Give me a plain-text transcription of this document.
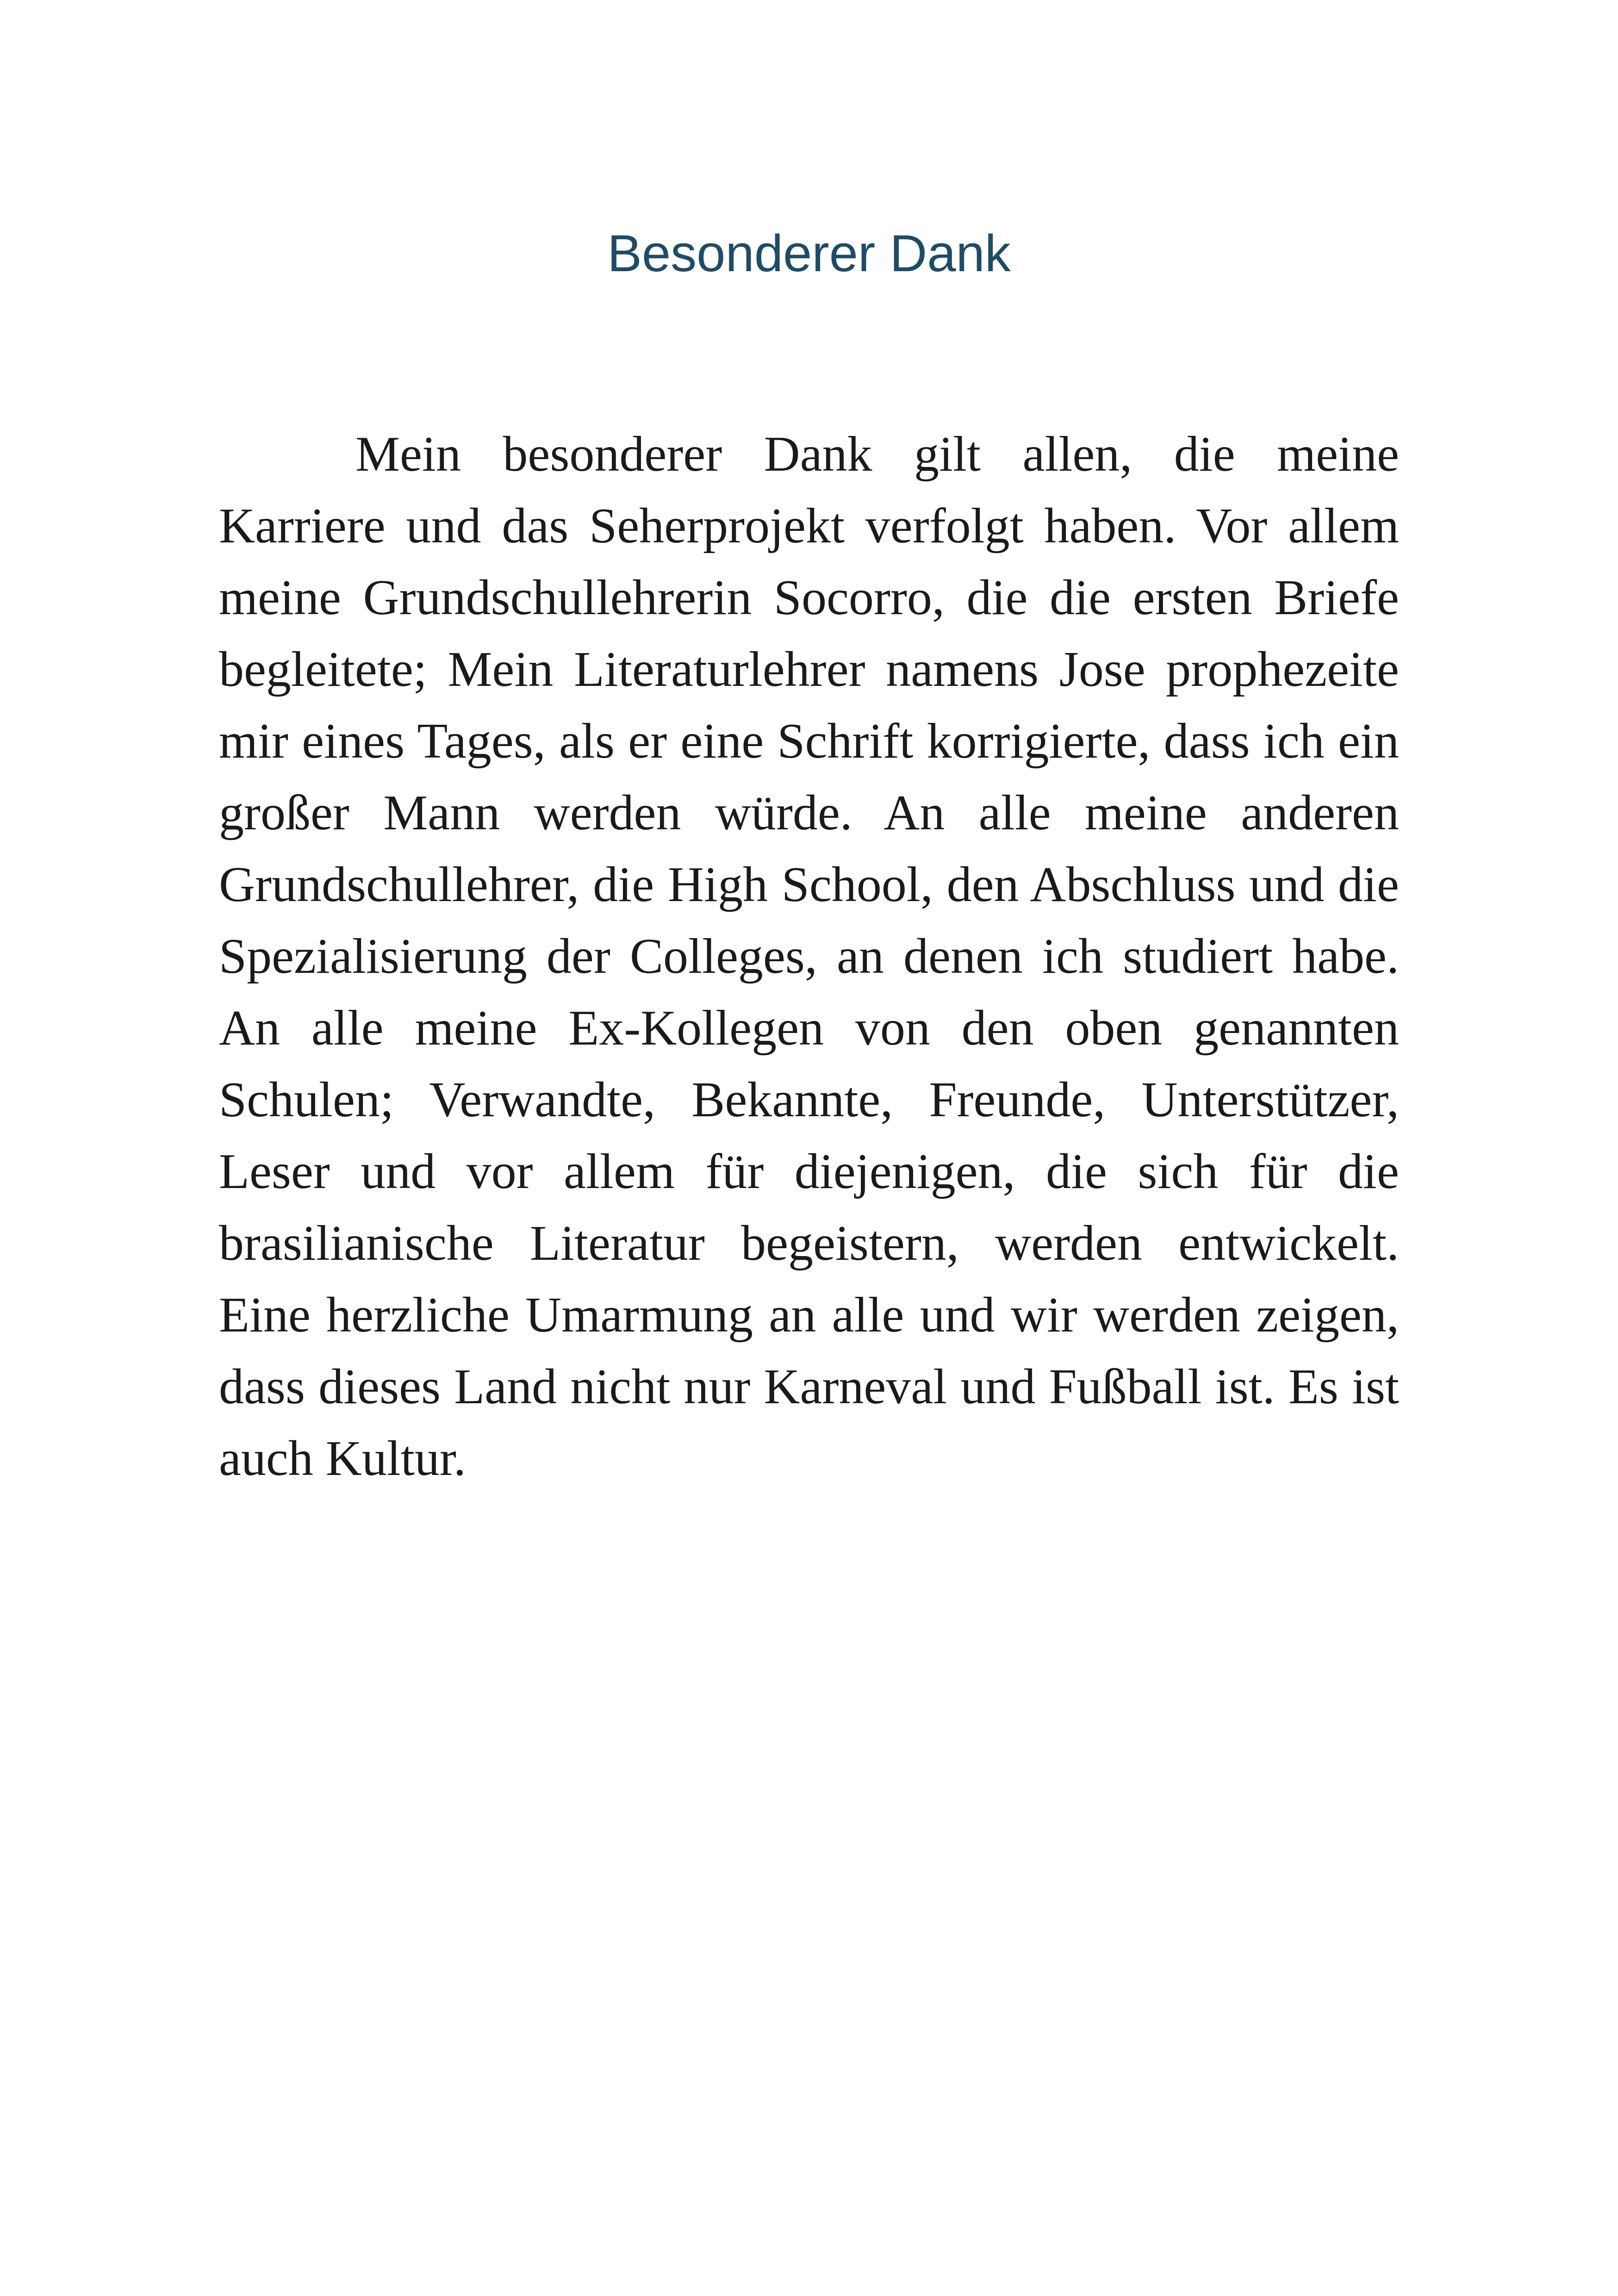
Besonderer Dank

Mein besonderer Dank gilt allen, die meine Karriere und das Seherprojekt verfolgt haben. Vor allem meine Grundschullehrerin Socorro, die die ersten Briefe begleitete; Mein Literaturlehrer namens Jose prophezeite mir eines Tages, als er eine Schrift korrigierte, dass ich ein großer Mann werden würde. An alle meine anderen Grundschullehrer, die High School, den Abschluss und die Spezialisierung der Colleges, an denen ich studiert habe. An alle meine Ex-Kollegen von den oben genannten Schulen; Verwandte, Bekannte, Freunde, Unterstützer, Leser und vor allem für diejenigen, die sich für die brasilianische Literatur begeistern, werden entwickelt. Eine herzliche Umarmung an alle und wir werden zeigen, dass dieses Land nicht nur Karneval und Fußball ist. Es ist auch Kultur.
